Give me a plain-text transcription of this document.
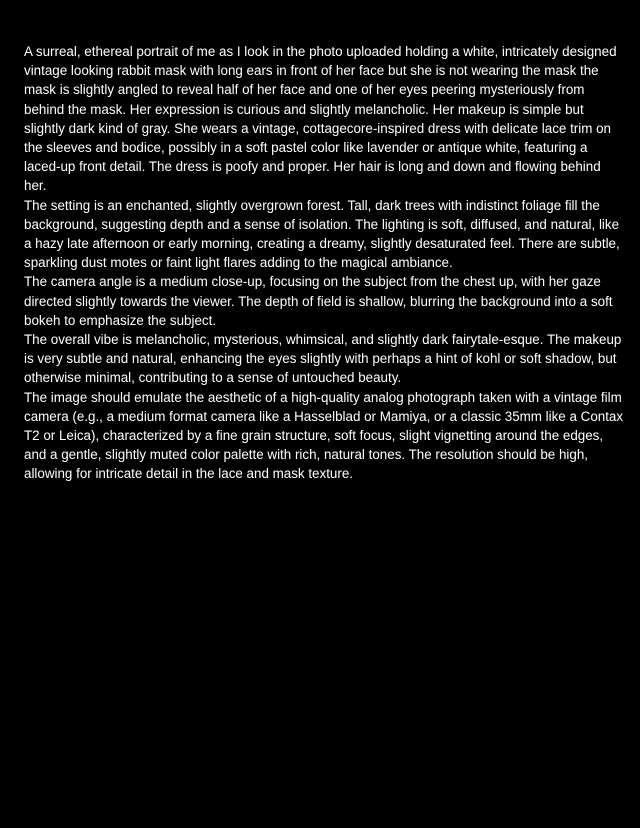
A surreal, ethereal portrait of me as I look in the photo uploaded holding a white, intricately designed vintage looking rabbit mask with long ears in front of her face but she is not wearing the mask the mask is slightly angled to reveal half of her face and one of her eyes peering mysteriously from behind the mask. Her expression is curious and slightly melancholic. Her makeup is simple but slightly dark kind of gray. She wears a vintage, cottagecore-inspired dress with delicate lace trim on the sleeves and bodice, possibly in a soft pastel color like lavender or antique white, featuring a laced-up front detail. The dress is poofy and proper. Her hair is long and down and flowing behind her.

The setting is an enchanted, slightly overgrown forest. Tall, dark trees with indistinct foliage fill the background, suggesting depth and a sense of isolation. The lighting is soft, diffused, and natural, like a hazy late afternoon or early morning, creating a dreamy, slightly desaturated feel. There are subtle, sparkling dust motes or faint light flares adding to the magical ambiance.

The camera angle is a medium close-up, focusing on the subject from the chest up, with her gaze directed slightly towards the viewer. The depth of field is shallow, blurring the background into a soft bokeh to emphasize the subject.

The overall vibe is melancholic, mysterious, whimsical, and slightly dark fairytale-esque. The makeup is very subtle and natural, enhancing the eyes slightly with perhaps a hint of kohl or soft shadow, but otherwise minimal, contributing to a sense of untouched beauty.

The image should emulate the aesthetic of a high-quality analog photograph taken with a vintage film camera (e.g., a medium format camera like a Hasselblad or Mamiya, or a classic 35mm like a Contax T2 or Leica), characterized by a fine grain structure, soft focus, slight vignetting around the edges, and a gentle, slightly muted color palette with rich, natural tones. The resolution should be high, allowing for intricate detail in the lace and mask texture.
